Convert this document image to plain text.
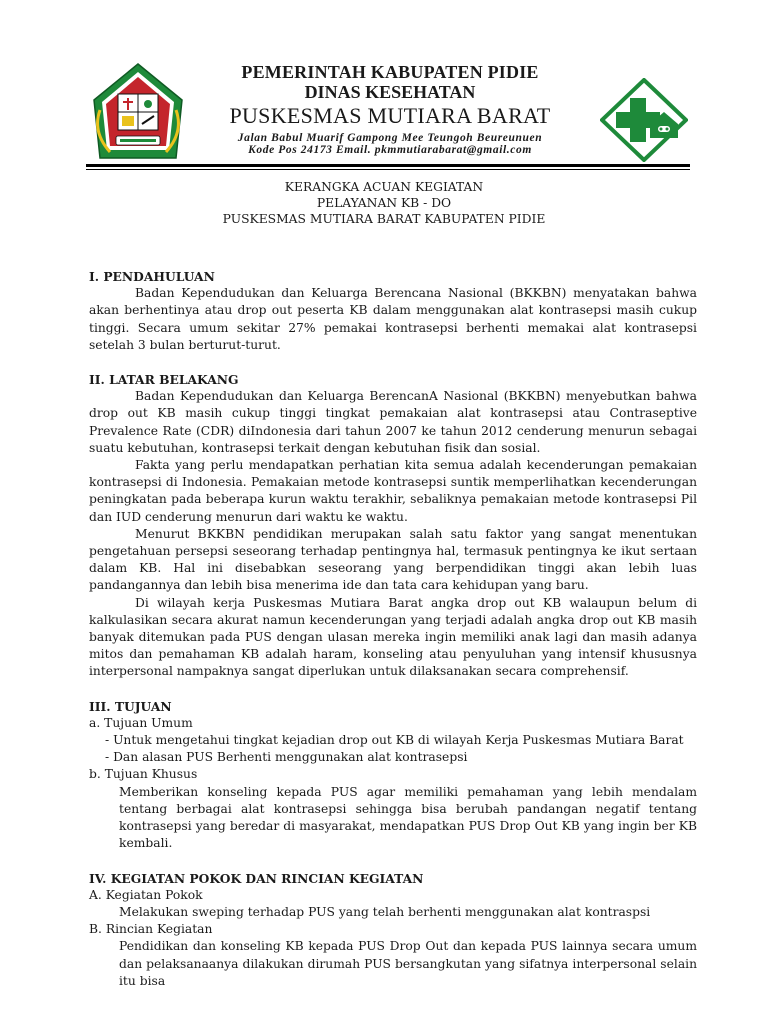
PEMERINTAH KABUPATEN PIDIE
DINAS KESEHATAN
PUSKESMAS MUTIARA BARAT
Jalan Babul Muarif Gampong Mee Teungoh Beureunuen
Kode Pos 24173 Email. pkmmutiarabarat@gmail.com
KERANGKA ACUAN KEGIATAN
PELAYANAN KB - DO
PUSKESMAS MUTIARA BARAT KABUPATEN PIDIE
I. PENDAHULUAN

Badan Kependudukan dan Keluarga Berencana Nasional (BKKBN) menyatakan bahwa akan berhentinya atau drop out peserta KB dalam menggunakan alat kontrasepsi masih cukup tinggi. Secara umum sekitar 27% pemakai kontrasepsi berhenti memakai alat kontrasepsi setelah 3 bulan berturut-turut.

II. LATAR BELAKANG

Badan Kependudukan dan Keluarga BerencanA Nasional (BKKBN) menyebutkan bahwa drop out KB masih cukup tinggi tingkat pemakaian alat kontrasepsi atau Contraseptive Prevalence Rate (CDR) diIndonesia dari tahun 2007 ke tahun 2012 cenderung menurun sebagai suatu kebutuhan, kontrasepsi terkait dengan kebutuhan fisik dan sosial.

Fakta yang perlu mendapatkan perhatian kita semua adalah kecenderungan pemakaian kontrasepsi di Indonesia. Pemakaian metode kontrasepsi suntik memperlihatkan kecenderungan peningkatan pada beberapa kurun waktu terakhir, sebaliknya pemakaian metode kontrasepsi Pil dan IUD cenderung menurun dari waktu ke waktu.

Menurut BKKBN pendidikan merupakan salah satu faktor yang sangat menentukan pengetahuan persepsi seseorang terhadap pentingnya hal, termasuk pentingnya ke ikut sertaan dalam KB. Hal ini disebabkan seseorang yang berpendidikan tinggi akan lebih luas pandangannya dan lebih bisa menerima ide dan tata cara kehidupan yang baru.

Di wilayah kerja Puskesmas Mutiara Barat angka drop out KB walaupun belum di kalkulasikan secara akurat namun kecenderungan yang terjadi adalah angka drop out KB masih banyak ditemukan pada PUS dengan ulasan mereka ingin memiliki anak lagi dan masih adanya mitos dan pemahaman KB adalah haram, konseling atau penyuluhan yang intensif khususnya interpersonal nampaknya sangat diperlukan untuk dilaksanakan secara comprehensif.

III. TUJUAN
a. Tujuan Umum
- Untuk mengetahui tingkat kejadian drop out KB di wilayah Kerja Puskesmas Mutiara Barat
- Dan alasan PUS Berhenti menggunakan alat kontrasepsi
b. Tujuan Khusus
Memberikan konseling kepada PUS agar memiliki pemahaman yang lebih mendalam tentang berbagai alat kontrasepsi sehingga bisa berubah pandangan negatif tentang kontrasepsi yang beredar di masyarakat, mendapatkan PUS Drop Out KB yang ingin ber KB kembali.
IV. KEGIATAN POKOK DAN RINCIAN KEGIATAN
A. Kegiatan Pokok
Melakukan sweping terhadap PUS yang telah berhenti menggunakan alat kontraspsi
B. Rincian Kegiatan
Pendidikan dan konseling KB kepada PUS Drop Out dan kepada PUS lainnya secara umum dan pelaksanaanya dilakukan dirumah PUS bersangkutan yang sifatnya interpersonal selain itu bisa
